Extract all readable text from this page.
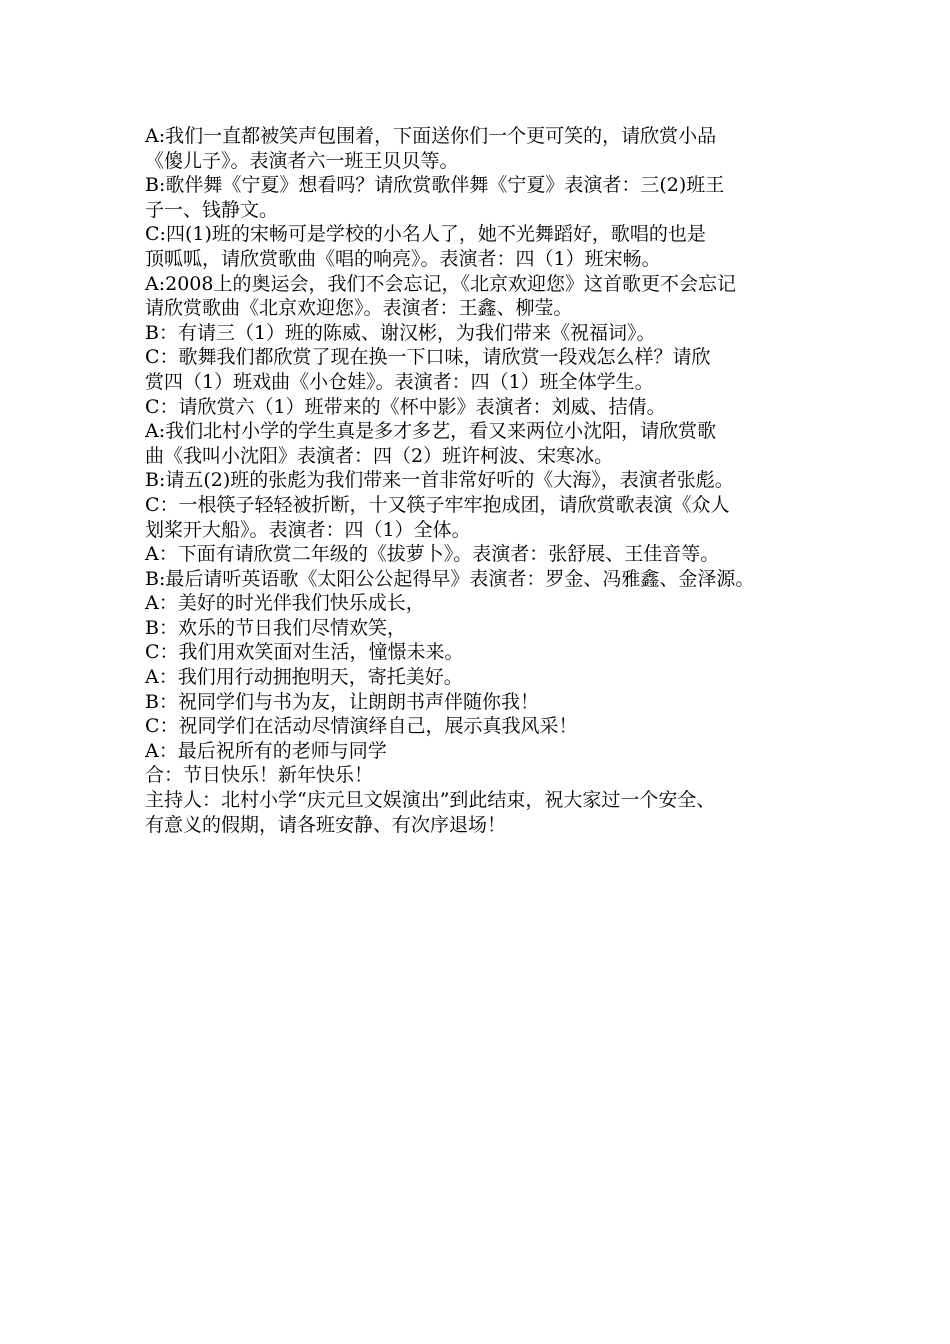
A:我们一直都被笑声包围着，下面送你们一个更可笑的，请欣赏小品
《傻儿子》。表演者六一班王贝贝等。
B:歌伴舞《宁夏》想看吗？请欣赏歌伴舞《宁夏》表演者：三(2)班王
子一、钱静文。
C:四(1)班的宋畅可是学校的小名人了，她不光舞蹈好，歌唱的也是
顶呱呱，请欣赏歌曲《唱的响亮》。表演者：四（1）班宋畅。
A:2008上的奥运会，我们不会忘记，《北京欢迎您》这首歌更不会忘记
请欣赏歌曲《北京欢迎您》。表演者：王鑫、柳莹。
B：有请三（1）班的陈威、谢汉彬，为我们带来《祝福词》。
C：歌舞我们都欣赏了现在换一下口味，请欣赏一段戏怎么样？请欣
赏四（1）班戏曲《小仓娃》。表演者：四（1）班全体学生。
C：请欣赏六（1）班带来的《杯中影》表演者：刘威、拮倩。
A:我们北村小学的学生真是多才多艺，看又来两位小沈阳，请欣赏歌
曲《我叫小沈阳》表演者：四（2）班许柯波、宋寒冰。
B:请五(2)班的张彪为我们带来一首非常好听的《大海》，表演者张彪。
C：一根筷子轻轻被折断，十又筷子牢牢抱成团，请欣赏歌表演《众人
划桨开大船》。表演者：四（1）全体。
A：下面有请欣赏二年级的《拔萝卜》。表演者：张舒展、王佳音等。
B:最后请听英语歌《太阳公公起得早》表演者：罗金、冯雅鑫、金泽源。
A：美好的时光伴我们快乐成长，
B：欢乐的节日我们尽情欢笑，
C：我们用欢笑面对生活，憧憬未来。
A：我们用行动拥抱明天，寄托美好。
B：祝同学们与书为友，让朗朗书声伴随你我！
C：祝同学们在活动尽情演绎自己，展示真我风采！
A：最后祝所有的老师与同学
合：节日快乐！新年快乐！
主持人：北村小学“庆元旦文娱演出”到此结束，祝大家过一个安全、
有意义的假期，请各班安静、有次序退场！
